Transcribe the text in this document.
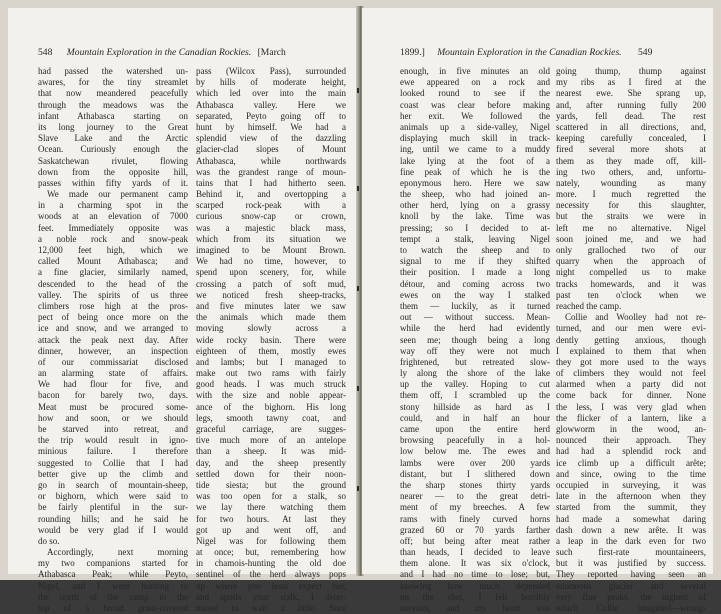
548 Mountain Exploration in the Canadian Rockies. [March
had passed the watershed un-
awares, for the tiny streamlet
that now meandered peacefully
through the meadows was the
infant Athabasca starting on
its long journey to the Great
Slave Lake and the Arctic
Ocean. Curiously enough the
Saskatchewan rivulet, flowing
down from the opposite hill,
passes within fifty yards of it.
We made our permanent camp
in a charming spot in the
woods at an elevation of 7000
feet. Immediately opposite was
a noble rock and snow-peak
12,000 feet high, which we
called Mount Athabasca; and
a fine glacier, similarly named,
descended to the head of the
valley. The spirits of us three
climbers rose high at the pros-
pect of being once more on the
ice and snow, and we arranged to
attack the peak next day. After
dinner, however, an inspection
of our commissariat disclosed
an alarming state of affairs.
We had flour for five, and
bacon for barely two, days.
Meat must be procured some-
how and soon, or we should
be starved into retreat, and
the trip would result in igno-
minious failure. I therefore
suggested to Collie that I had
better give up the climb and
go in search of mountain-sheep,
or bighorn, which were said to
be fairly plentiful in the sur-
rounding hills; and he said he
would be very glad if I would
do so.
Accordingly, next morning
my two companions started for
Athabasca Peak; while Peyto,
Nigel, and I went hunting to
the north of the camp to the
top of a broad grass-covered
pass (Wilcox Pass), surrounded
by hills of moderate height,
which led over into the main
Athabasca valley. Here we
separated, Peyto going off to
hunt by himself. We had a
splendid view of the dazzling
glacier-clad slopes of Mount
Athabasca, while northwards
was the grandest range of moun-
tains that I had hitherto seen.
Behind it, and overtopping a
scarped rock-peak with a
curious snow-cap or crown,
was a majestic black mass,
which from its situation we
imagined to be Mount Brown.
We had no time, however, to
spend upon scenery, for, while
crossing a patch of soft mud,
we noticed fresh sheep-tracks,
and five minutes later we saw
the animals which made them
moving slowly across a
wide rocky basin. There were
eighteen of them, mostly ewes
and lambs; but I managed to
make out two rams with fairly
good heads. I was much struck
with the size and noble appear-
ance of the bighorn. His long
legs, smooth tawny coat, and
graceful carriage, are sugges-
tive much more of an antelope
than a sheep. It was mid-
day, and the sheep presently
settled down for their noon-
tide siesta; but the ground
was too open for a stalk, so
we lay there watching them
for two hours. At last they
got up and went off, and
Nigel was for following them
at once; but, remembering how
in chamois-hunting the old doe
sentinel of the herd always pops
up where you least expect her,
and spoils your stalk, I deter-
mined to wait a little. Sure
1899.] Mountain Exploration in the Canadian Rockies. 549
enough, in five minutes an old
ewe appeared on a rock and
looked round to see if the
coast was clear before making
her exit. We followed the
animals up a side-valley, Nigel
displaying much skill in track-
ing, until we came to a muddy
lake lying at the foot of a
fine peak of which he is the
eponymous hero. Here we saw
the sheep, who had joined an-
other herd, lying on a grassy
knoll by the lake. Time was
pressing; so I decided to at-
tempt a stalk, leaving Nigel
to watch the sheep and to
signal to me if they shifted
their position. I made a long
détour, and coming across two
ewes on the way I stalked
them — luckily, as it turned
out — without success. Mean-
while the herd had evidently
seen me; though being a long
way off they were not much
frightened, but retreated slow-
ly along the shore of the lake
up the valley. Hoping to cut
them off, I scrambled up the
stony hillside as hard as I
could, and in half an hour
came upon the entire herd
browsing peacefully in a hol-
low below me. The ewes and
lambs were over 200 yards
distant, but I slithered down
the sharp stones thirty yards
nearer — to the great detri-
ment of my breeches. A few
rams with finely curved horns
grazed 60 or 70 yards farther
off; but being after meat rather
than heads, I decided to leave
them alone. It was six o'clock,
and I had no time to lose; but,
knowing how much depended
on the shot, I felt horribly
nervous, and my heart was
going thump, thump against
my ribs as I fired at the
nearest ewe. She sprang up,
and, after running fully 200
yards, fell dead. The rest
scattered in all directions, and,
keeping carefully concealed, I
fired several more shots at
them as they made off, kill-
ing two others, and, unfortu-
nately, wounding as many
more. I much regretted the
necessity for this slaughter,
but the straits we were in
left me no alternative. Nigel
soon joined me, and we had
only gralloched two of our
quarry when the approach of
night compelled us to make
tracks homewards, and it was
past ten o'clock when we
reached the camp.
Collie and Woolley had not re-
turned, and our men were evi-
dently getting anxious, though
I explained to them that when
they got more used to the ways
of climbers they would not feel
alarmed when a party did not
come back for dinner. None
the less, I was very glad when
the flicker of a lantern, like a
glowworm in the wood, an-
nounced their approach. They
had had a splendid rock and
ice climb up a difficult arête;
and since, owing to the time
occupied in surveying, it was
late in the afternoon when they
started from the summit, they
had made a somewhat daring
dash down a new arête. It was
a leap in the dark even for two
such first-rate mountaineers,
but it was justified by success.
They reported having seen an
enormous glacier and several
very fine peaks, the highest of
which Collie imagined—wrong-
